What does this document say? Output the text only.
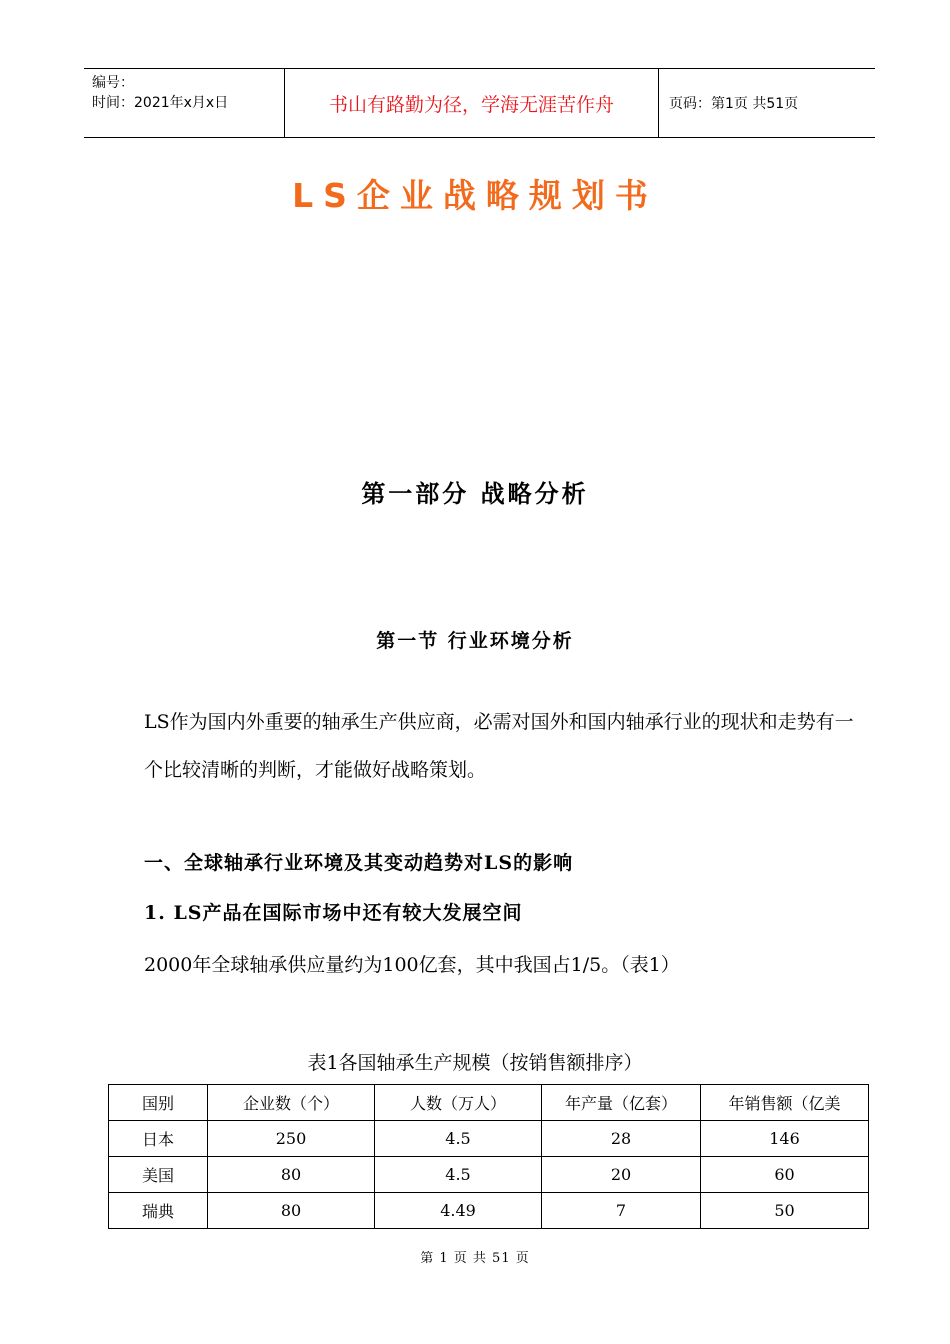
编号：
时间：2021年x月x日	书山有路勤为径，学海无涯苦作舟	页码：第1页 共51页
LS企业战略规划书
第一部分 战略分析
第一节 行业环境分析
LS作为国内外重要的轴承生产供应商，必需对国外和国内轴承行业的现状和走势有一个比较清晰的判断，才能做好战略策划。
一、全球轴承行业环境及其变动趋势对LS的影响
1. LS产品在国际市场中还有较大发展空间
2000年全球轴承供应量约为100亿套，其中我国占1/5。（表1）
表1各国轴承生产规模（按销售额排序）
国别	企业数（个）	人数（万人）	年产量（亿套）	年销售额（亿美
日本	250	4.5	28	146
美国	80	4.5	20	60
瑞典	80	4.49	7	50
第 1 页 共 51 页
